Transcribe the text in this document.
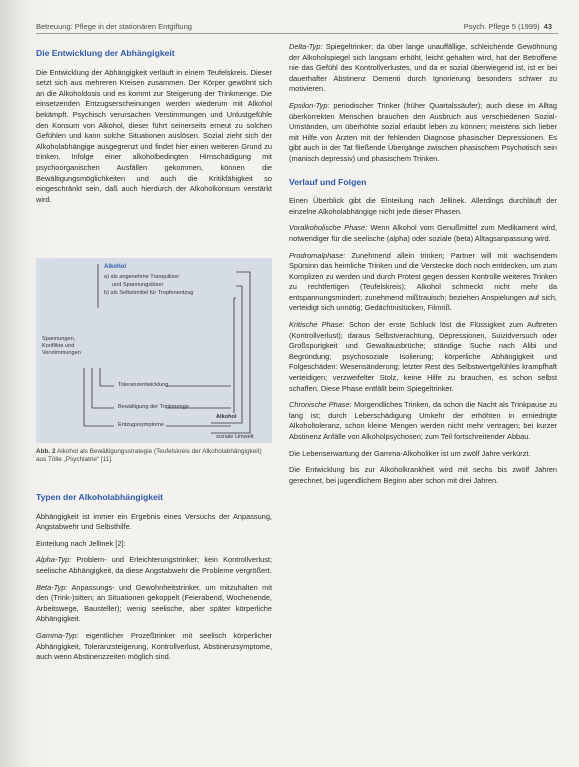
Betreuung: Pflege in der stationären Entgiftung	Psych. Pflege 5 (1999) 43
Die Entwicklung der Abhängigkeit

Die Entwicklung der Abhängigkeit verläuft in einem Teufelskreis. Dieser setzt sich aus mehreren Kreisen zusammen. Der Körper gewöhnt sich an die Alkoholdosis und es kommt zur Steigerung der Trinkmenge. Die einsetzenden Entzugserscheinungen werden wiederum mit Alkohol bekämpft. Psychisch verursachen Verstimmungen und Unlustgefühle den Konsum von Alkohol, dieser führt seinerseits erneut zu solchen Gefühlen und kann solche Situationen auslösen. Sozial zieht sich der Alkoholabhängige ausgegrenzt und findet hier einen weiteren Grund zu trinken. Infolge einer alkoholbedingten Hirnschädigung mit psychoorganischen Ausfällen gekommen, können die Bewältigungsmöglichkeiten und auch die Kritikfähigkeit so eingeschränkt sein, daß auch hierdurch der Alkoholkonsum verstärkt wird.

Alkohol
a) als angenehme Tranquilizer
und Spannungslöser
b) als Selbstmittel für Tropfenentzug
Spannungen, Konflikte und Verstimmungen
Toleranzentwicklung
Bewältigung der Trinkmenge
Entzugssymptome
Alkohol
soziale Umwelt
Abb. 2 Alkohol als Bewältigungsstrategie (Teufelskreis der Alkoholabhängigkeit) aus Tölle „Psychiatrie“ [11].
Typen der Alkoholabhängigkeit

Abhängigkeit ist immer ein Ergebnis eines Versuchs der Anpassung, Angstabwehr und Selbsthilfe.

Einteilung nach Jellinek [2]:

Alpha-Typ: Problem- und Erleichterungstrinker; kein Kontrollverlust; seelische Abhängigkeit, da diese Angstabwehr die Probleme vergrößert.

Beta-Typ: Anpassungs- und Gewohnheitstrinker, um mitzuhalten mit den (Trink-)sitten; an Situationen gekoppelt (Feierabend, Wochenende, Arbeitswege, Bausteller); wenig seelische, aber später körperliche Abhängigkeit.

Gamma-Typ: eigentlicher Prozeßtrinker mit seelisch körperlicher Abhängigkeit, Toleranzsteigerung, Kontrollverlust, Abstinenzsymptome, auch wenn Abstinenzzeiten möglich sind.

Delta-Typ: Spiegeltrinker; da über lange unauffällige, schleichende Gewöhnung der Alkoholspiegel sich langsam erhöht, leicht gehalten wird, hat der Betroffene nie das Gefühl des Kontrollverlustes, und da er sozial überwiegend ist, ist er bei dauerhafter Abstinenz Dementi durch Ignorierung besonders schwer zu motivieren.

Epsilon-Typ: periodischer Trinker (früher Quartalssäufer); auch diese im Alltag überkorrekten Menschen brauchen den Ausbruch aus verschiedenen Sozial-Umständen, um überhöhte sozial erlaubt leben zu können; meistens sich lieber mit Hilfe von Ärzten mit der fehlenden Diagnose phasischer Depressionen. Es gibt auch in der Tat fließende Übergänge zwischen phasischem Psychotisch sein (manisch depressiv) und phasischem Trinken.

Verlauf und Folgen

Einen Überblick gibt die Einteilung nach Jellinek. Allerdings durchläuft der einzelne Alkoholabhängige nicht jede dieser Phasen.

Voralkoholische Phase: Wenn Alkohol vom Genußmittel zum Medikament wird, notwendiger für die seelische (alpha) oder soziale (beta) Alltagsanpassung wird.

Prodromalphase: Zunehmend allein trinken; Partner will mit wachsendem Spürsinn das heimliche Trinken und die Verstecke doch noch entdecken, um zum Komplizen zu werden und durch Protest gegen dessen Kontrolle weiteres Trinken zu rechtfertigen (Teufelskreis); Alkohol schmeckt nicht mehr da entspannungsmindert; zunehmend mißtrauisch; beziehen Anspielungen auf sich, verteidigt sich unnötig; Gedächtnislücken, Filmriß.

Kritische Phase: Schon der erste Schluck löst die Flüssigkeit zum Auftreten (Kontrollverlust); daraus Selbstverachtung, Depressionen, Suizidversuch oder Großspurigkeit und Gewaltausbrüche; ständige Suche nach Alibi und Begründung; psychosoziale Isolierung; körperliche Abhängigkeit und Folgeschäden: Wesensänderung; letzter Rest des Selbstwertgefühles krampfhaft verteidigen; verzweifelter Stolz, keine Hilfe zu brauchen, es schon selbst schaffen. Diese Phase entfällt beim Spiegeltrinker.

Chronische Phase: Morgendliches Trinken, da schon die Nacht als Trinkpause zu lang ist; durch Leberschädigung Umkehr der erhöhten in erniedrigte Alkoholtoleranz, schon kleine Mengen werden nicht mehr vertragen; bei kurzer Abstinenz Anfälle von Alkoholpsychosen; zum Teil fortschreitender Abbau.

Die Lebenserwartung der Gamma-Alkoholiker ist um zwölf Jahre verkürzt.

Die Entwicklung bis zur Alkoholkrankheit wird mit sechs bis zwölf Jahren gerechnet, bei jugendlichem Beginn aber schon mit drei Jahren.
